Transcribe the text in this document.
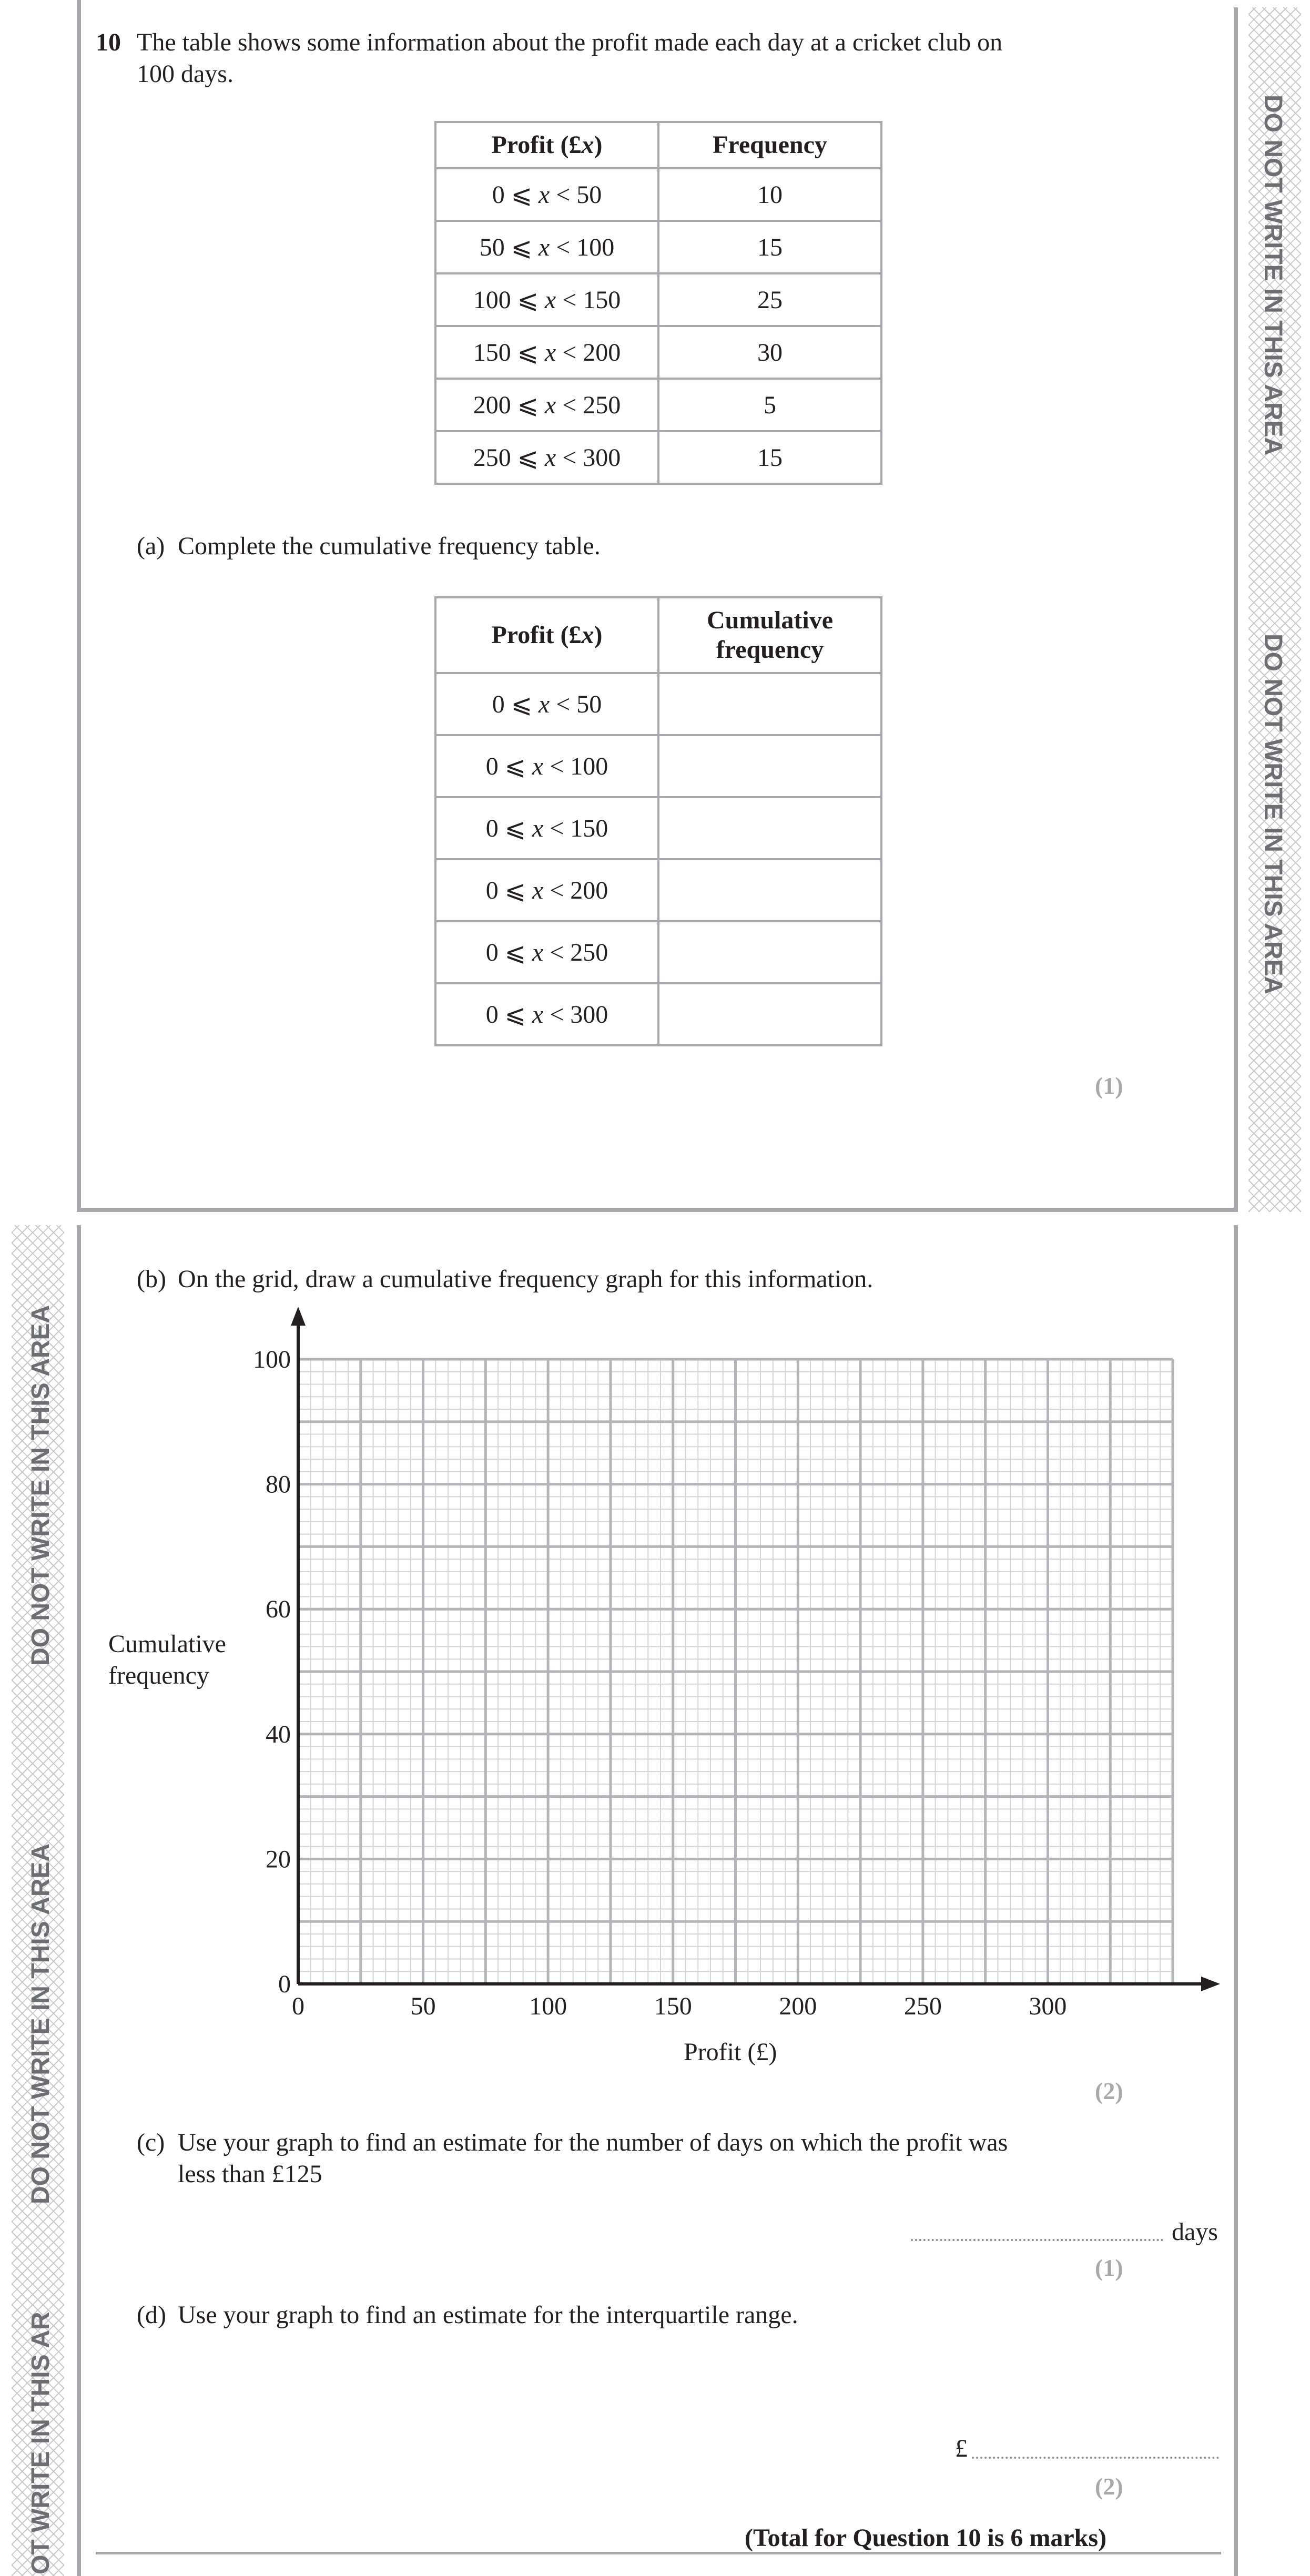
DO NOT WRITE IN THIS AREA
DO NOT WRITE IN THIS AREA
10 The table shows some information about the profit made each day at a cricket club on
100 days.
Profit (£x)	Frequency
0 ⩽ x < 50	10
50 ⩽ x < 100	15
100 ⩽ x < 150	25
150 ⩽ x < 200	30
200 ⩽ x < 250	5
250 ⩽ x < 300	15
(a) Complete the cumulative frequency table.
Profit (£x)	Cumulative
frequency
0 ⩽ x < 50	
0 ⩽ x < 100	
0 ⩽ x < 150	
0 ⩽ x < 200	
0 ⩽ x < 250	
0 ⩽ x < 300	
(1)
DO NOT WRITE IN THIS AREA
DO NOT WRITE IN THIS AREA
OT WRITE IN THIS AR
(b) On the grid, draw a cumulative frequency graph for this information.
0	50	100	150	200	250	300
0
20
40
60
80
100
Cumulative
frequency
Profit (£)
(2)
(c) Use your graph to find an estimate for the number of days on which the profit was
less than £125
days
(1)
(d) Use your graph to find an estimate for the interquartile range.
£
(2)
(Total for Question 10 is 6 marks)
